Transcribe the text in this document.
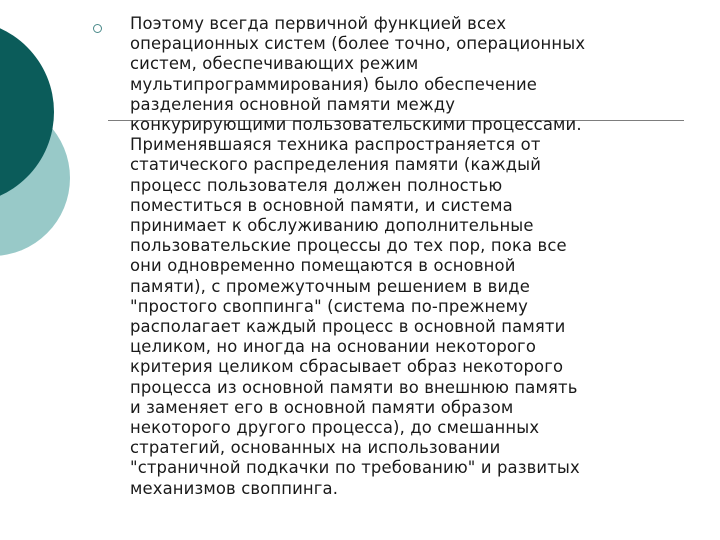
Поэтому всегда первичной функцией всех
операционных систем (более точно, операционных
систем, обеспечивающих режим
мультипрограммирования) было обеспечение
разделения основной памяти между
конкурирующими пользовательскими процессами.
Применявшаяся техника распространяется от
статического распределения памяти (каждый
процесс пользователя должен полностью
поместиться в основной памяти, и система
принимает к обслуживанию дополнительные
пользовательские процессы до тех пор, пока все
они одновременно помещаются в основной
памяти), с промежуточным решением в виде
"простого своппинга" (система по-прежнему
располагает каждый процесс в основной памяти
целиком, но иногда на основании некоторого
критерия целиком сбрасывает образ некоторого
процесса из основной памяти во внешнюю память
и заменяет его в основной памяти образом
некоторого другого процесса), до смешанных
стратегий, основанных на использовании
"страничной подкачки по требованию" и развитых
механизмов своппинга.
